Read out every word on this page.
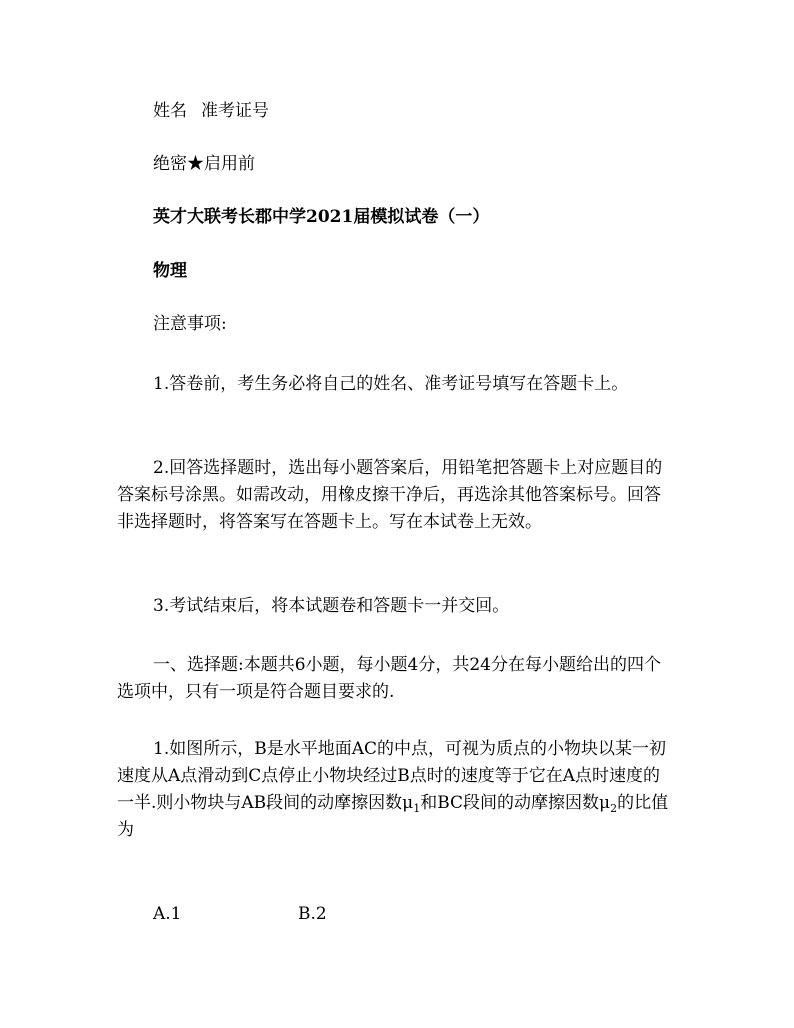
姓名 准考证号
绝密★启用前
英才大联考长郡中学2021届模拟试卷（一）
物理
注意事项:
1.答卷前，考生务必将自己的姓名、准考证号填写在答题卡上。
2.回答选择题时，选出每小题答案后，用铅笔把答题卡上对应题目的答案标号涂黑。如需改动，用橡皮擦干净后，再选涂其他答案标号。回答非选择题时，将答案写在答题卡上。写在本试卷上无效。
3.考试结束后，将本试题卷和答题卡一并交回。
一、选择题:本题共6小题，每小题4分，共24分在每小题给出的四个选项中，只有一项是符合题目要求的.
1.如图所示，B是水平地面AC的中点，可视为质点的小物块以某一初速度从A点滑动到C点停止小物块经过B点时的速度等于它在A点时速度的一半.则小物块与AB段间的动摩擦因数$\mu_1$和BC段间的动摩擦因数$\mu_2$的比值为
A.1	B.2
